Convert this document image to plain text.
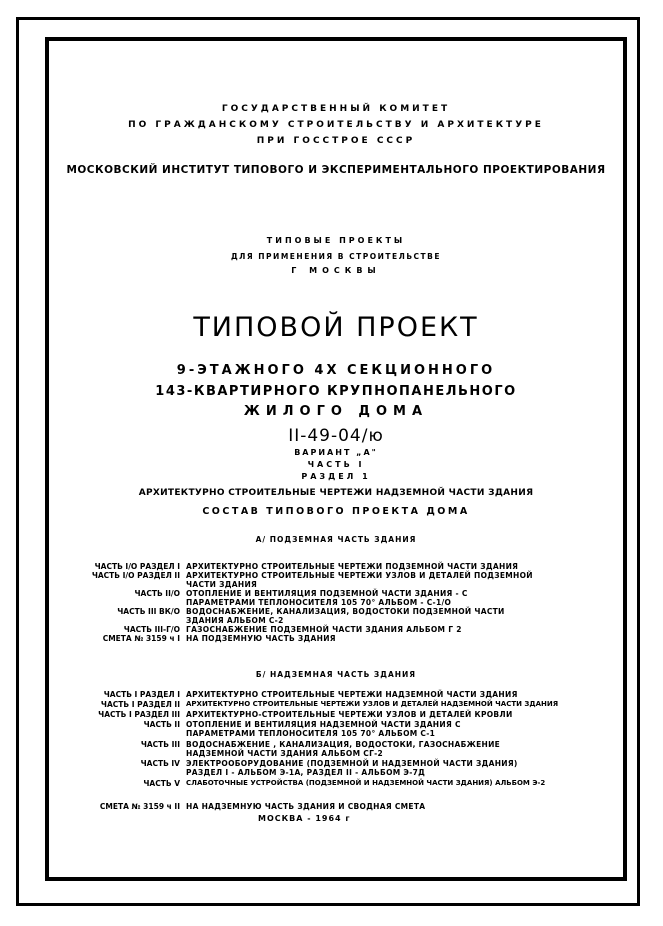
ГОСУДАРСТВЕННЫЙ КОМИТЕТ
ПО ГРАЖДАНСКОМУ СТРОИТЕЛЬСТВУ И АРХИТЕКТУРЕ
ПРИ ГОССТРОЕ СССР
МОСКОВСКИЙ ИНСТИТУТ ТИПОВОГО И ЭКСПЕРИМЕНТАЛЬНОГО ПРОЕКТИРОВАНИЯ
ТИПОВЫЕ ПРОЕКТЫ
ДЛЯ ПРИМЕНЕНИЯ В СТРОИТЕЛЬСТВЕ
Г МОСКВЫ
ТИПОВОЙ ПРОЕКТ
9-ЭТАЖНОГО 4Х СЕКЦИОННОГО
143-КВАРТИРНОГО КРУПНОПАНЕЛЬНОГО
ЖИЛОГО ДОМА
II-49-04/ю
ВАРИАНТ „А"
ЧАСТЬ I
РАЗДЕЛ 1
АРХИТЕКТУРНО СТРОИТЕЛЬНЫЕ ЧЕРТЕЖИ НАДЗЕМНОЙ ЧАСТИ ЗДАНИЯ
СОСТАВ ТИПОВОГО ПРОЕКТА ДОМА
А/ ПОДЗЕМНАЯ ЧАСТЬ ЗДАНИЯ
ЧАСТЬ I/О РАЗДЕЛ I АРХИТЕКТУРНО СТРОИТЕЛЬНЫЕ ЧЕРТЕЖИ ПОДЗЕМНОЙ ЧАСТИ ЗДАНИЯ
ЧАСТЬ I/О РАЗДЕЛ II АРХИТЕКТУРНО СТРОИТЕЛЬНЫЕ ЧЕРТЕЖИ УЗЛОВ И ДЕТАЛЕЙ ПОДЗЕМНОЙ
ЧАСТИ ЗДАНИЯ
ЧАСТЬ II/О ОТОПЛЕНИЕ И ВЕНТИЛЯЦИЯ ПОДЗЕМНОЙ ЧАСТИ ЗДАНИЯ - С
ПАРАМЕТРАМИ ТЕПЛОНОСИТЕЛЯ 105 70° АЛЬБОМ - С-1/О
ЧАСТЬ III ВК/О ВОДОСНАБЖЕНИЕ, КАНАЛИЗАЦИЯ, ВОДОСТОКИ ПОДЗЕМНОЙ ЧАСТИ
ЗДАНИЯ АЛЬБОМ С-2
ЧАСТЬ III-Г/О ГАЗОСНАБЖЕНИЕ ПОДЗЕМНОЙ ЧАСТИ ЗДАНИЯ АЛЬБОМ Г 2
СМЕТА № 3159 ч I НА ПОДЗЕМНУЮ ЧАСТЬ ЗДАНИЯ
Б/ НАДЗЕМНАЯ ЧАСТЬ ЗДАНИЯ
ЧАСТЬ I РАЗДЕЛ I АРХИТЕКТУРНО СТРОИТЕЛЬНЫЕ ЧЕРТЕЖИ НАДЗЕМНОЙ ЧАСТИ ЗДАНИЯ
ЧАСТЬ I РАЗДЕЛ II АРХИТЕКТУРНО СТРОИТЕЛЬНЫЕ ЧЕРТЕЖИ УЗЛОВ И ДЕТАЛЕЙ НАДЗЕМНОЙ ЧАСТИ ЗДАНИЯ
ЧАСТЬ I РАЗДЕЛ III АРХИТЕКТУРНО-СТРОИТЕЛЬНЫЕ ЧЕРТЕЖИ УЗЛОВ И ДЕТАЛЕЙ КРОВЛИ
ЧАСТЬ II ОТОПЛЕНИЕ И ВЕНТИЛЯЦИЯ НАДЗЕМНОЙ ЧАСТИ ЗДАНИЯ С
ПАРАМЕТРАМИ ТЕПЛОНОСИТЕЛЯ 105 70° АЛЬБОМ С-1
ЧАСТЬ III ВОДОСНАБЖЕНИЕ , КАНАЛИЗАЦИЯ, ВОДОСТОКИ, ГАЗОСНАБЖЕНИЕ
НАДЗЕМНОЙ ЧАСТИ ЗДАНИЯ АЛЬБОМ СГ-2
ЧАСТЬ IV ЭЛЕКТРООБОРУДОВАНИЕ (ПОДЗЕМНОЙ И НАДЗЕМНОЙ ЧАСТИ ЗДАНИЯ)
РАЗДЕЛ I - АЛЬБОМ Э-1А, РАЗДЕЛ II - АЛЬБОМ Э-7Д
ЧАСТЬ V СЛАБОТОЧНЫЕ УСТРОЙСТВА (ПОДЗЕМНОЙ И НАДЗЕМНОЙ ЧАСТИ ЗДАНИЯ) АЛЬБОМ Э-2
СМЕТА № 3159 ч II НА НАДЗЕМНУЮ ЧАСТЬ ЗДАНИЯ И СВОДНАЯ СМЕТА
МОСКВА - 1964 г
